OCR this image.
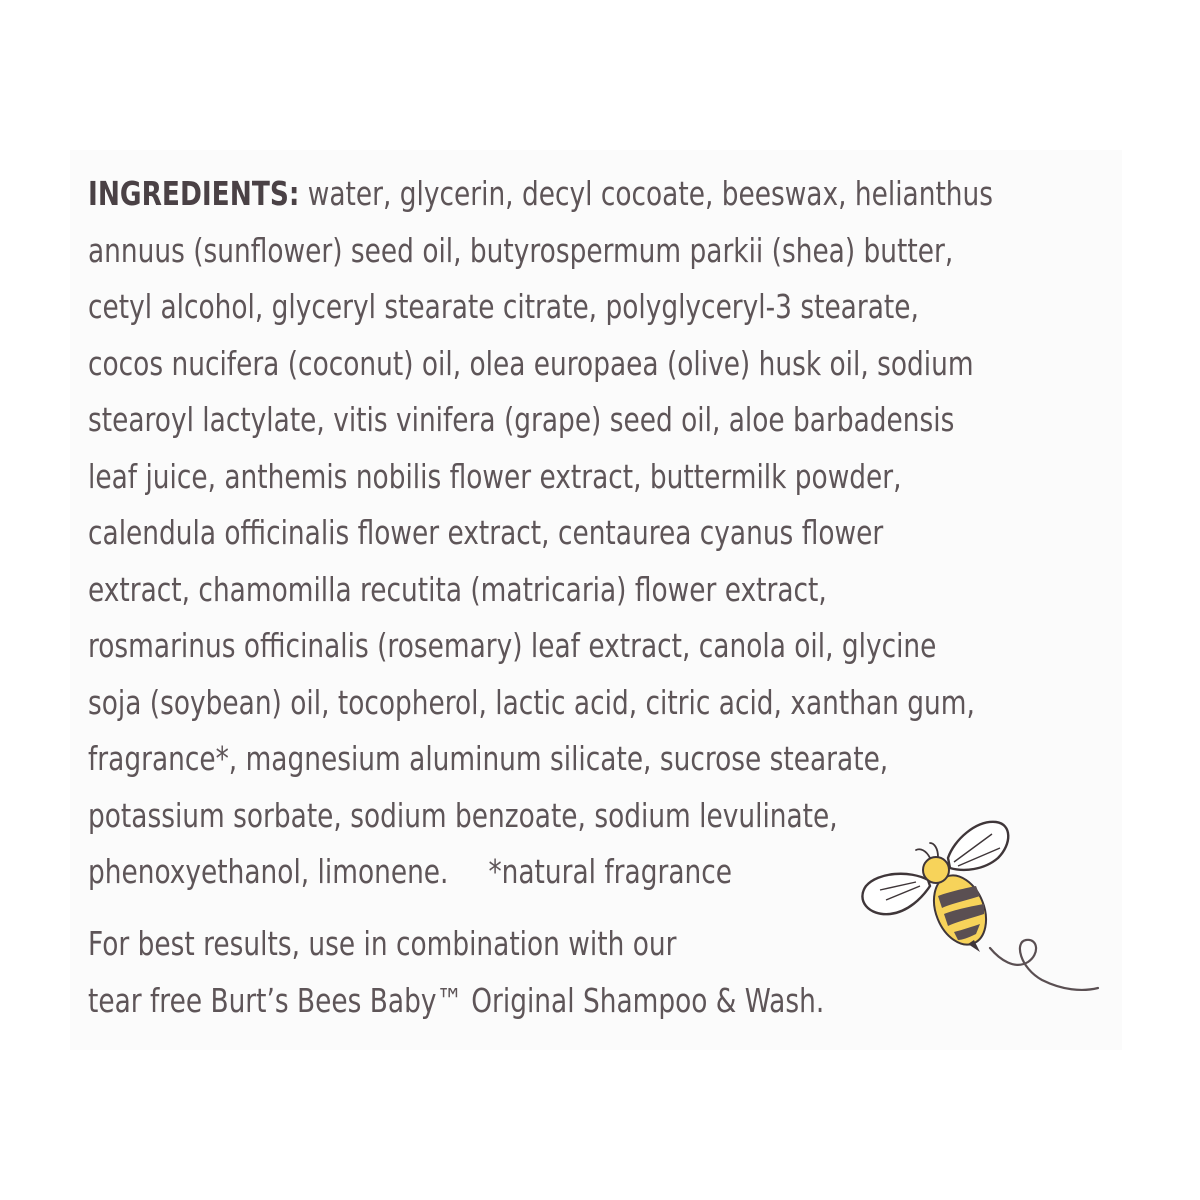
INGREDIENTS: water, glycerin, decyl cocoate, beeswax, helianthus
annuus (sunflower) seed oil, butyrospermum parkii (shea) butter,
cetyl alcohol, glyceryl stearate citrate, polyglyceryl-3 stearate,
cocos nucifera (coconut) oil, olea europaea (olive) husk oil, sodium
stearoyl lactylate, vitis vinifera (grape) seed oil, aloe barbadensis
leaf juice, anthemis nobilis flower extract, buttermilk powder,
calendula officinalis flower extract, centaurea cyanus flower
extract, chamomilla recutita (matricaria) flower extract,
rosmarinus officinalis (rosemary) leaf extract, canola oil, glycine
soja (soybean) oil, tocopherol, lactic acid, citric acid, xanthan gum,
fragrance*, magnesium aluminum silicate, sucrose stearate,
potassium sorbate, sodium benzoate, sodium levulinate,
phenoxyethanol, limonene. *natural fragrance
For best results, use in combination with our
tear free Burt’s Bees Baby™ Original Shampoo & Wash.
